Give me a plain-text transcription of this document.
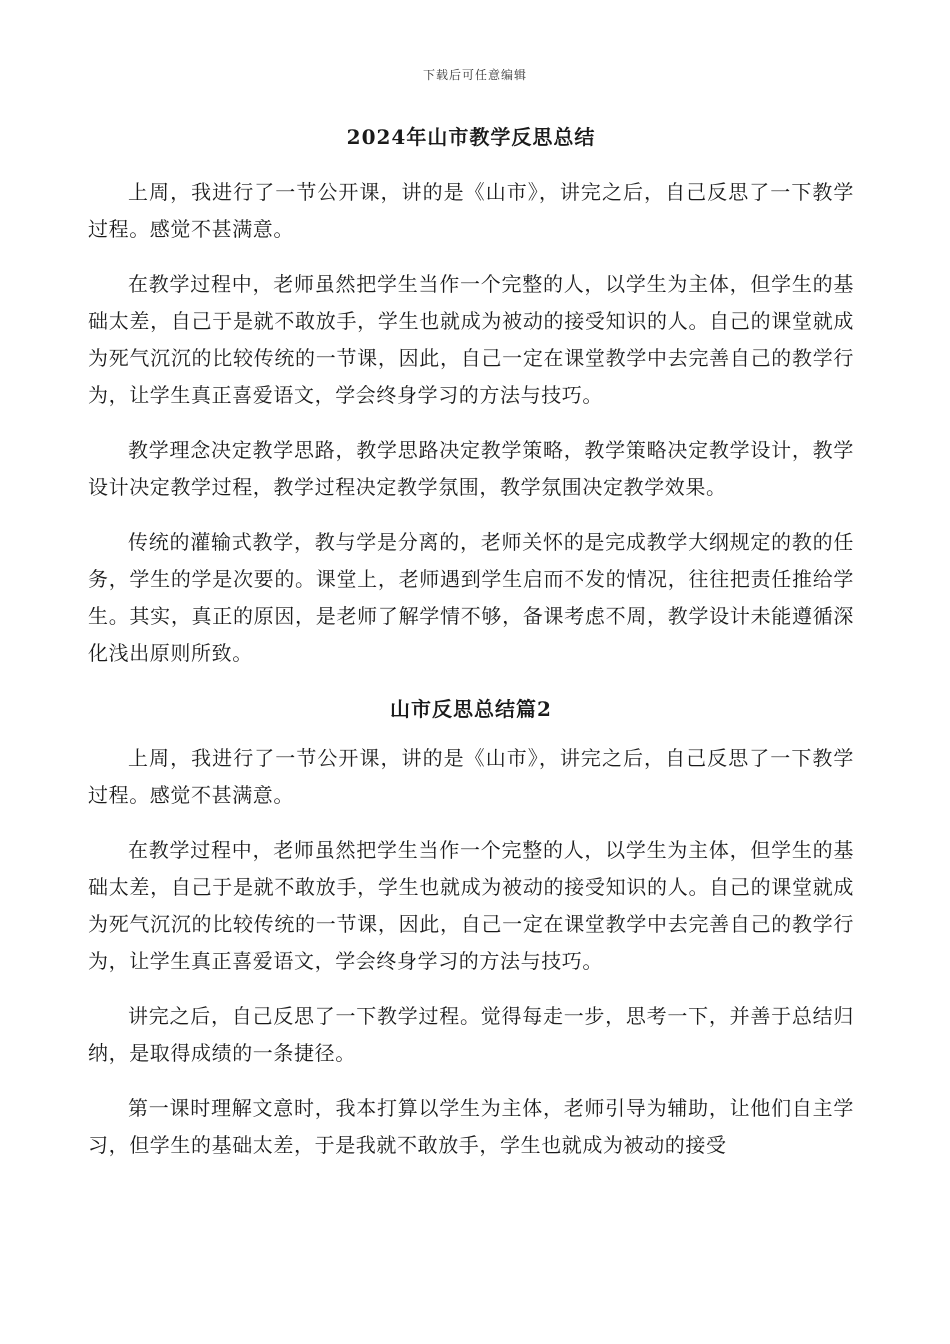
下载后可任意编辑
2024年山市教学反思总结

上周，我进行了一节公开课，讲的是《山市》，讲完之后，自己反思了一下教学过程。感觉不甚满意。

在教学过程中，老师虽然把学生当作一个完整的人，以学生为主体，但学生的基础太差，自己于是就不敢放手，学生也就成为被动的接受知识的人。自己的课堂就成为死气沉沉的比较传统的一节课，因此，自己一定在课堂教学中去完善自己的教学行为，让学生真正喜爱语文，学会终身学习的方法与技巧。

教学理念决定教学思路，教学思路决定教学策略，教学策略决定教学设计，教学设计决定教学过程，教学过程决定教学氛围，教学氛围决定教学效果。

传统的灌输式教学，教与学是分离的，老师关怀的是完成教学大纲规定的教的任务，学生的学是次要的。课堂上，老师遇到学生启而不发的情况，往往把责任推给学生。其实，真正的原因，是老师了解学情不够，备课考虑不周，教学设计未能遵循深化浅出原则所致。

山市反思总结篇2

上周，我进行了一节公开课，讲的是《山市》，讲完之后，自己反思了一下教学过程。感觉不甚满意。

在教学过程中，老师虽然把学生当作一个完整的人，以学生为主体，但学生的基础太差，自己于是就不敢放手，学生也就成为被动的接受知识的人。自己的课堂就成为死气沉沉的比较传统的一节课，因此，自己一定在课堂教学中去完善自己的教学行为，让学生真正喜爱语文，学会终身学习的方法与技巧。

讲完之后，自己反思了一下教学过程。觉得每走一步，思考一下，并善于总结归纳，是取得成绩的一条捷径。

第一课时理解文意时，我本打算以学生为主体，老师引导为辅助，让他们自主学习，但学生的基础太差，于是我就不敢放手，学生也就成为被动的接受
